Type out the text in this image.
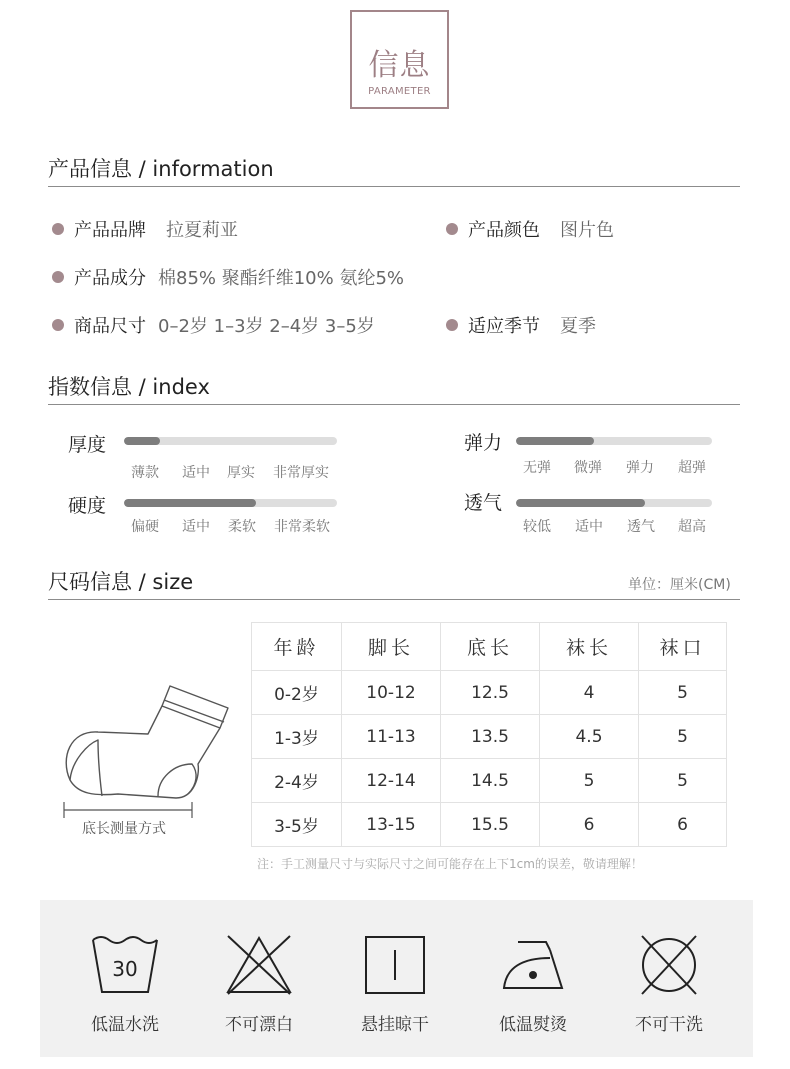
信息
PARAMETER
产品信息 / information
产品品牌 拉夏莉亚	产品颜色 图片色
产品成分 棉85% 聚酯纤维10% 氨纶5%
商品尺寸 0–2岁 1–3岁 2–4岁 3–5岁	适应季节 夏季
指数信息 / index
厚度
薄款	适中	厚实	非常厚实
弹力
无弹	微弹	弹力	超弹
硬度
偏硬	适中	柔软	非常柔软
透气
较低	适中	透气	超高
尺码信息 / size	单位：厘米(CM)
底长测量方式
年龄	脚长	底长	袜长	袜口
0-2岁	10-12	12.5	4	5
1-3岁	11-13	13.5	4.5	5
2-4岁	12-14	14.5	5	5
3-5岁	13-15	15.5	6	6
注：手工测量尺寸与实际尺寸之间可能存在上下1cm的误差，敬请理解！
30
低温水洗	不可漂白	悬挂晾干	低温熨烫	不可干洗
